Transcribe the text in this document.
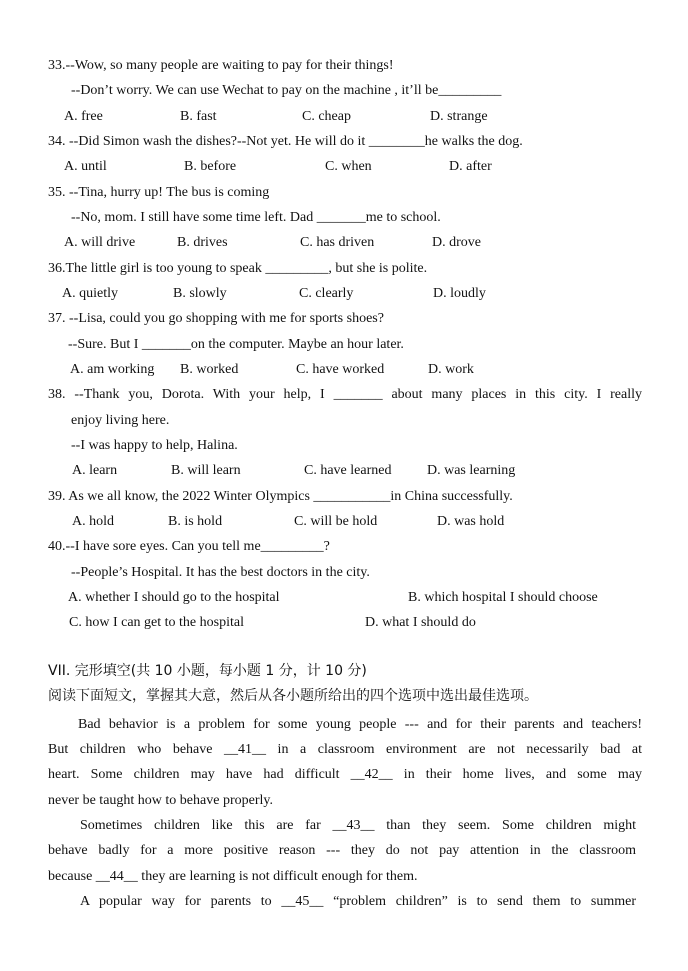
33.--Wow, so many people are waiting to pay for their things!
--Don’t worry. We can use Wechat to pay on the machine , it’ll be_________
A. free	B. fast	C. cheap	D. strange
34. --Did Simon wash the dishes?--Not yet. He will do it ________he walks the dog.
A. until	B. before	C. when	D. after
35. --Tina, hurry up! The bus is coming
--No, mom. I still have some time left. Dad _______me to school.
A. will drive	B. drives	C. has driven	D. drove
36.The little girl is too young to speak _________, but she is polite.
A. quietly	B. slowly	C. clearly	D. loudly
37. --Lisa, could you go shopping with me for sports shoes?
--Sure. But I _______on the computer. Maybe an hour later.
A. am working B. worked	C. have worked	D. work
38. --Thank you, Dorota. With your help, I _______ about many places in this city. I really
enjoy living here.
--I was happy to help, Halina.
A. learn	B. will learn	C. have learned	D. was learning
39. As we all know, the 2022 Winter Olympics ___________in China successfully.
A. hold	B. is hold	C. will be hold	D. was hold
40.--I have sore eyes. Can you tell me_________?
--People’s Hospital. It has the best doctors in the city.
A. whether I should go to the hospital	B. which hospital I should choose
C. how I can get to the hospital	D. what I should do
VII. 完形填空(共 10 小题，每小题 1 分，计 10 分)
阅读下面短文，掌握其大意，然后从各小题所给出的四个选项中选出最佳选项。
Bad behavior is a problem for some young people --- and for their parents and teachers!
But children who behave __41__ in a classroom environment are not necessarily bad at
heart. Some children may have had difficult __42__ in their home lives, and some may
never be taught how to behave properly.
Sometimes children like this are far __43__ than they seem. Some children might
behave badly for a more positive reason --- they do not pay attention in the classroom
because __44__ they are learning is not difficult enough for them.
A popular way for parents to __45__ “problem children” is to send them to summer
